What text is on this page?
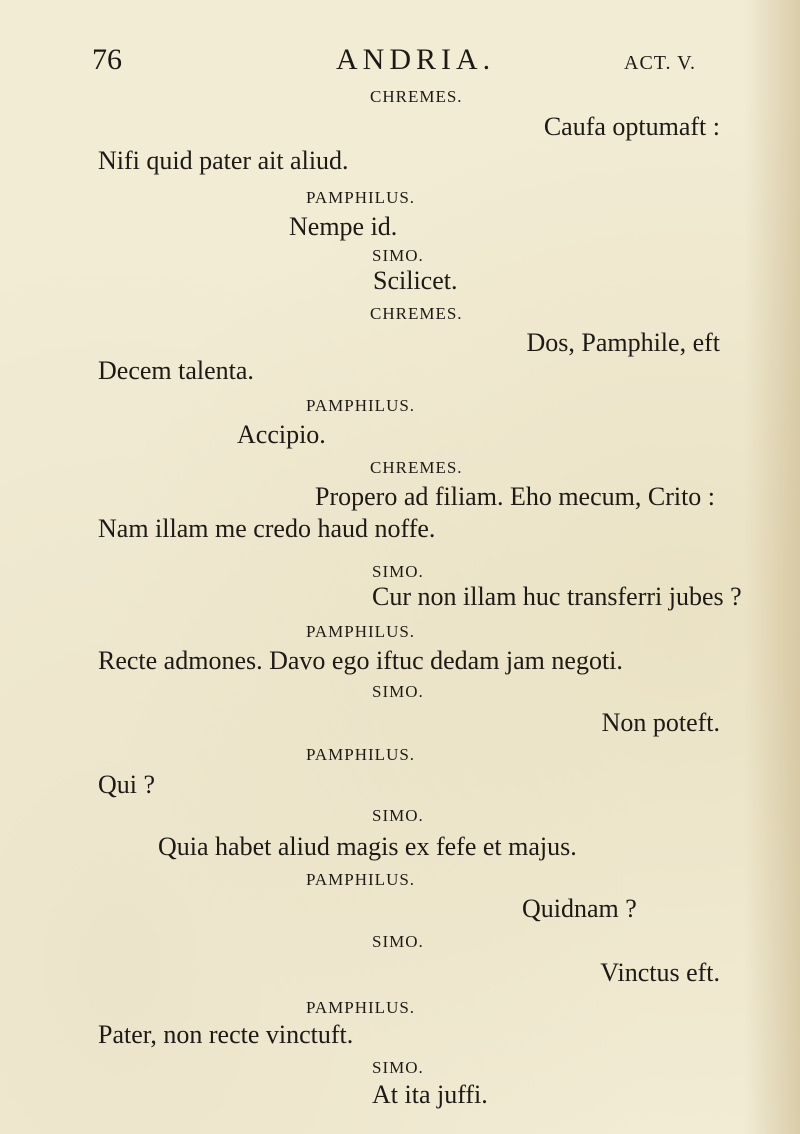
76	ANDRIA.	ACT. V.
CHREMES.
Caufa optumaft :
Nifi quid pater ait aliud.
PAMPHILUS.
Nempe id.
SIMO.
Scilicet.
CHREMES.
Dos, Pamphile, eft
Decem talenta.
PAMPHILUS.
Accipio.
CHREMES.
Propero ad filiam. Eho mecum, Crito :
Nam illam me credo haud noffe.
SIMO.
Cur non illam huc transferri jubes ?
PAMPHILUS.
Recte admones. Davo ego iftuc dedam jam negoti.
SIMO.
Non poteft.
PAMPHILUS.
Qui ?
SIMO.
Quia habet aliud magis ex fefe et majus.
PAMPHILUS.
Quidnam ?
SIMO.
Vinctus eft.
PAMPHILUS.
Pater, non recte vinctuft.
SIMO.
At ita juffi.
